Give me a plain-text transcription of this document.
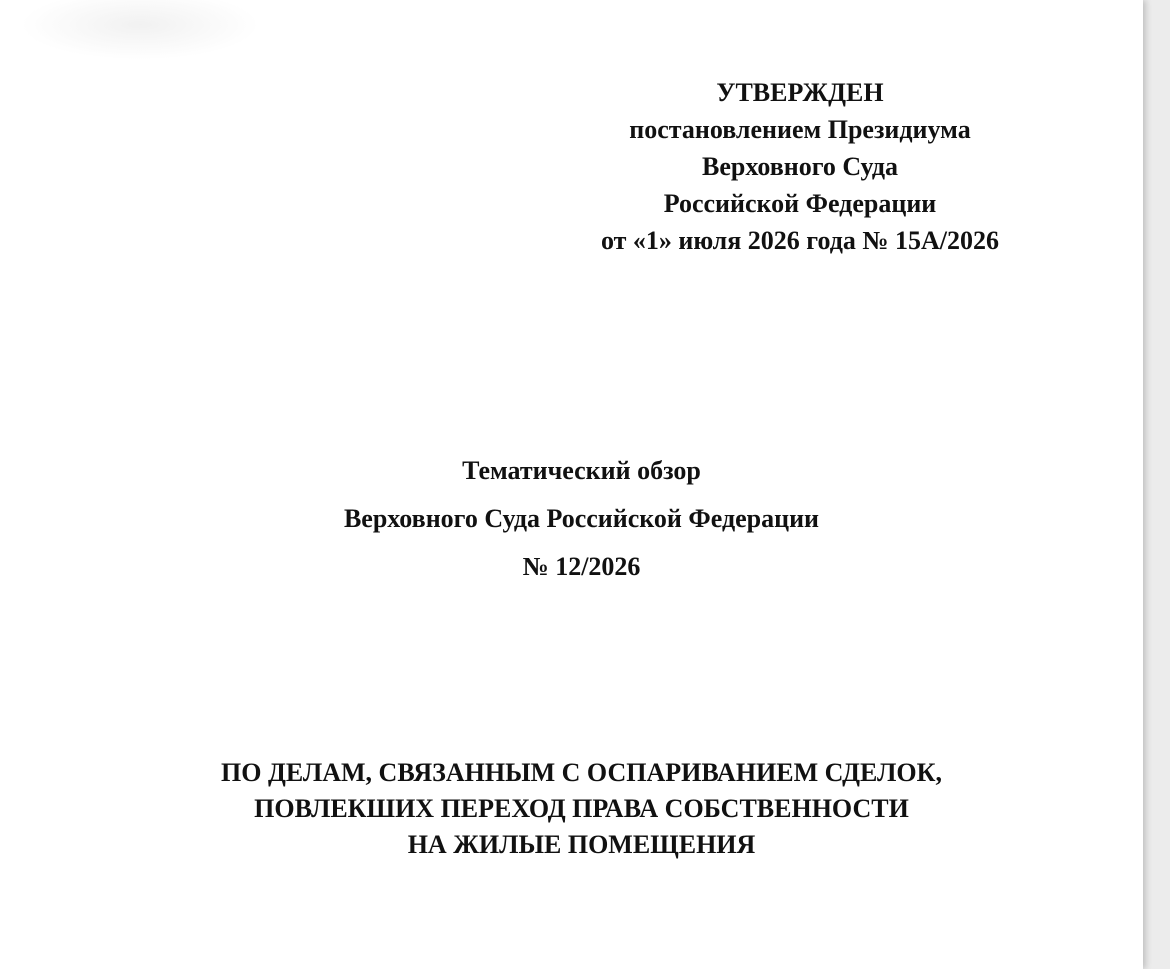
УТВЕРЖДЕН
постановлением Президиума
Верховного Суда
Российской Федерации
от «1» июля 2026 года № 15А/2026
Тематический обзор
Верховного Суда Российской Федерации
№ 12/2026
ПО ДЕЛАМ, СВЯЗАННЫМ С ОСПАРИВАНИЕМ СДЕЛОК,
ПОВЛЕКШИХ ПЕРЕХОД ПРАВА СОБСТВЕННОСТИ
НА ЖИЛЫЕ ПОМЕЩЕНИЯ
